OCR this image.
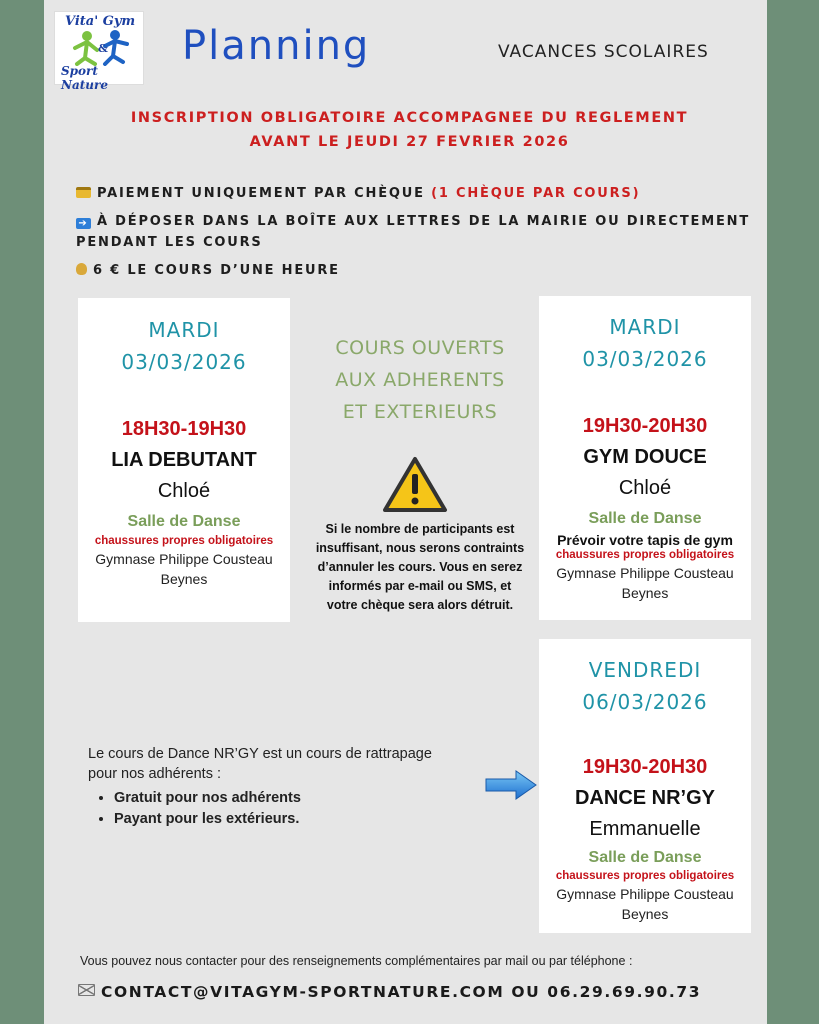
Vita' Gym
&
Sport Nature
Planning	VACANCES SCOLAIRES
INSCRIPTION OBLIGATOIRE ACCOMPAGNEE DU REGLEMENT
AVANT LE JEUDI 27 FEVRIER 2026
PAIEMENT UNIQUEMENT PAR CHÈQUE (1 CHÈQUE PAR COURS)
➔ À DÉPOSER DANS LA BOÎTE AUX LETTRES DE LA MAIRIE OU DIRECTEMENT
PENDANT LES COURS
6 € LE COURS D’UNE HEURE
MARDI
03/03/2026
18H30-19H30
LIA DEBUTANT
Chloé
Salle de Danse
chaussures propres obligatoires
Gymnase Philippe Cousteau
Beynes
COURS OUVERTS
AUX ADHERENTS
ET EXTERIEURS
Si le nombre de participants est
insuffisant, nous serons contraints
d’annuler les cours. Vous en serez
informés par e-mail ou SMS, et
votre chèque sera alors détruit.
MARDI
03/03/2026
19H30-20H30
GYM DOUCE
Chloé
Salle de Danse
Prévoir votre tapis de gym
chaussures propres obligatoires
Gymnase Philippe Cousteau
Beynes
Le cours de Dance NR’GY est un cours de rattrapage
pour nos adhérents :
• Gratuit pour nos adhérents
• Payant pour les extérieurs.
VENDREDI
06/03/2026
19H30-20H30
DANCE NR’GY
Emmanuelle
Salle de Danse
chaussures propres obligatoires
Gymnase Philippe Cousteau
Beynes
Vous pouvez nous contacter pour des renseignements complémentaires par mail ou par téléphone :
CONTACT@VITAGYM-SPORTNATURE.COM OU 06.29.69.90.73
